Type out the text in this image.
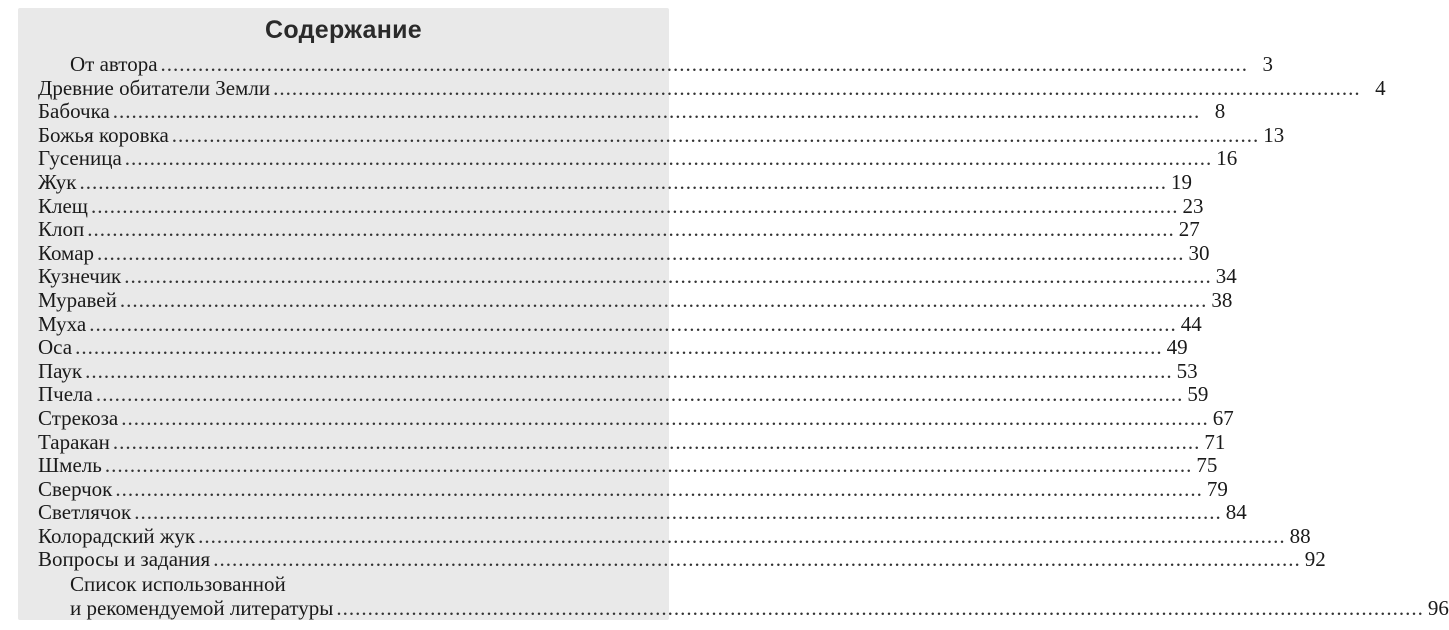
Содержание
От автора .....	3
Древние обитатели Земли .....	4
Бабочка .....	8
Божья коровка .....	13
Гусеница .....	16
Жук .....	19
Клещ .....	23
Клоп .....	27
Комар .....	30
Кузнечик .....	34
Муравей .....	38
Муха .....	44
Оса .....	49
Паук .....	53
Пчела .....	59
Стрекоза .....	67
Таракан .....	71
Шмель .....	75
Сверчок .....	79
Светлячок .....	84
Колорадский жук .....	88
Вопросы и задания .....	92
Список использованной
и рекомендуемой литературы .....	96
